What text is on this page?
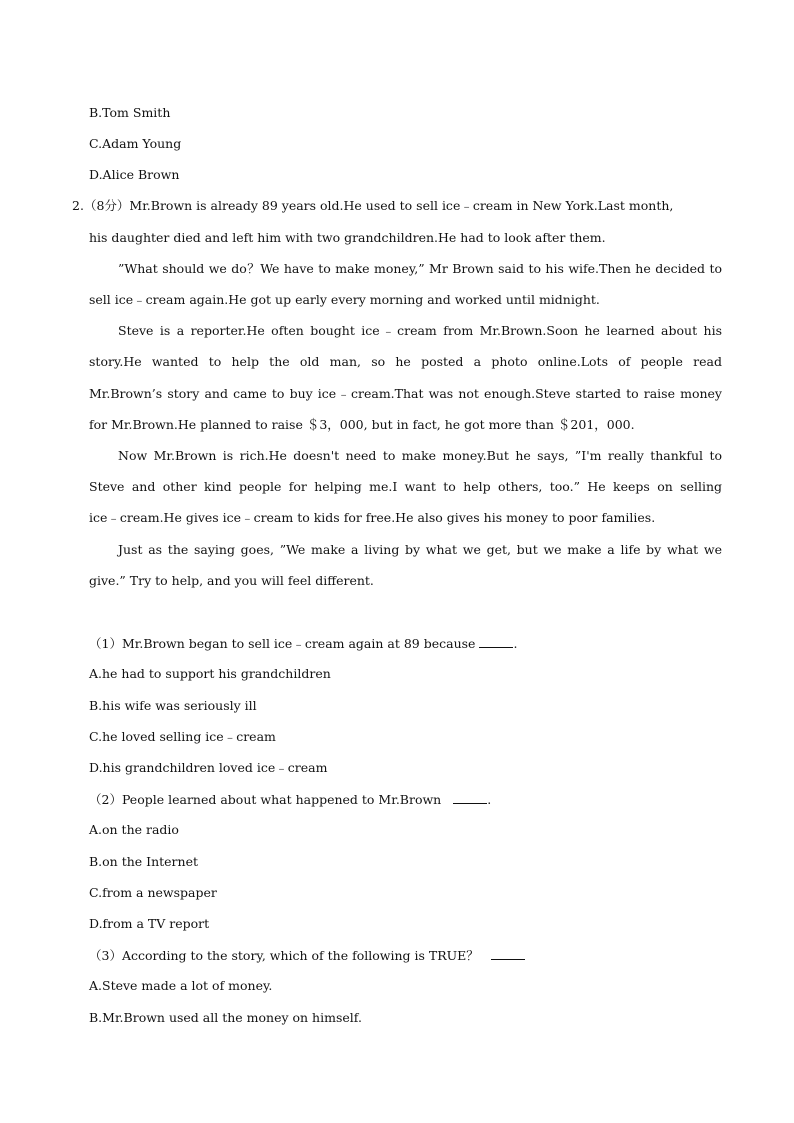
B.Tom Smith
C.Adam Young
D.Alice Brown
2.（8分）Mr.Brown is already 89 years old.He used to sell ice﹣cream in New York.Last month,
his daughter died and left him with two grandchildren.He had to look after them.
”What should we do？We have to make money,” Mr Brown said to his wife.Then he decided to
sell ice﹣cream again.He got up early every morning and worked until midnight.
Steve is a reporter.He often bought ice﹣cream from Mr.Brown.Soon he learned about his
story.He wanted to help the old man, so he posted a photo online.Lots of people read
Mr.Brown’s story and came to buy ice﹣cream.That was not enough.Steve started to raise money
for Mr.Brown.He planned to raise ＄3，000, but in fact, he got more than ＄201，000.
Now Mr.Brown is rich.He doesn't need to make money.But he says, ”I'm really thankful to
Steve and other kind people for helping me.I want to help others, too.” He keeps on selling
ice﹣cream.He gives ice﹣cream to kids for free.He also gives his money to poor families.
Just as the saying goes, ”We make a living by what we get, but we make a life by what we
give.” Try to help, and you will feel different.
（1）Mr.Brown began to sell ice﹣cream again at 89 because	.
A.he had to support his grandchildren
B.his wife was seriously ill
C.he loved selling ice﹣cream
D.his grandchildren loved ice﹣cream
（2）People learned about what happened to Mr.Brown	.
A.on the radio
B.on the Internet
C.from a newspaper
D.from a TV report
（3）According to the story, which of the following is TRUE？
A.Steve made a lot of money.
B.Mr.Brown used all the money on himself.
